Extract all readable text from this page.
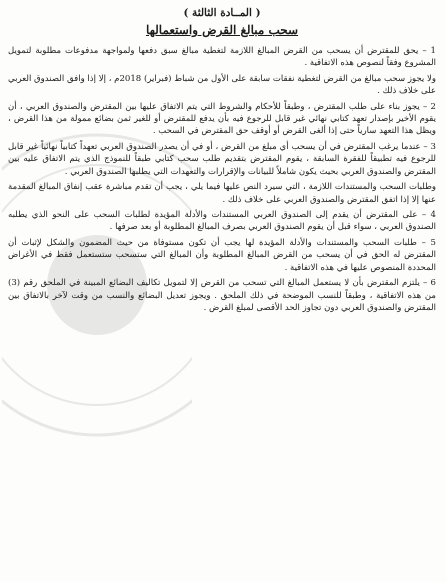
( المــادة الثالثة )
سحب مبالغ القرض واستعمالها

1 – يحق للمقترض أن يسحب من القرض المبالغ اللازمة لتغطية مبالغ سبق دفعها ولمواجهة مدفوعات مطلوبة لتمويل المشروع وفقاً لنصوص هذه الاتفاقية .

ولا يجوز سحب مبالغ من القرض لتغطية نفقات سابقة على الأول من شباط (فبراير) 2018م ، إلا إذا وافق الصندوق العربي على خلاف ذلك .

2 – يجوز بناء على طلب المقترض ، وطبقاً للأحكام والشروط التي يتم الاتفاق عليها بين المقترض والصندوق العربي ، أن يقوم الأخير بإصدار تعهد كتابي نهائي غير قابل للرجوع فيه بأن يدفع للمقترض أو للغير ثمن بضائع ممولة من هذا القرض ، ويظل هذا التعهد سارياً حتى إذا ألغى القرض أو أوقف حق المقترض في السحب .

3 – عندما يرغب المقترض في أن يسحب أي مبلغ من القرض ، أو في أن يصدر الصندوق العربي تعهداً كتابياً نهائياً غير قابل للرجوع فيه تطبيقاً للفقرة السابقة ، يقوم المقترض بتقديم طلب سحب كتابي طبقاً للنموذج الذي يتم الاتفاق عليه بين المقترض والصندوق العربي بحيث يكون شاملاً للبيانات والإقرارات والتعهدات التي يطلبها الصندوق العربي .

وطلبات السحب والمستندات اللازمة ، التي سيرد النص عليها فيما يلي ، يجب أن تقدم مباشرة عقب إنفاق المبالغ المقدمة عنها إلا إذا اتفق المقترض والصندوق العربي على خلاف ذلك .

4 – على المقترض أن يقدم إلى الصندوق العربي المستندات والأدلة المؤيدة لطلبات السحب على النحو الذي يطلبه الصندوق العربي ، سواء قبل أن يقوم الصندوق العربي بصرف المبالغ المطلوبة أو بعد صرفها .

5 – طلبات السحب والمستندات والأدلة المؤيدة لها يجب أن تكون مستوفاة من حيث المضمون والشكل لإثبات أن المقترض له الحق في أن يسحب من القرض المبالغ المطلوبة وأن المبالغ التي ستسحب ستستعمل فقط في الأغراض المحددة المنصوص عليها في هذه الاتفاقية .

6 – يلتزم المقترض بأن لا يستعمل المبالغ التي تسحب من القرض إلا لتمويل تكاليف البضائع المبينة في الملحق رقم (3) من هذه الاتفاقية ، وطبقاً للنسب الموضحة في ذلك الملحق . ويجوز تعديل البضائع والنسب من وقت لآخر بالاتفاق بين المقترض والصندوق العربي دون تجاوز الحد الأقصى لمبلغ القرض .
